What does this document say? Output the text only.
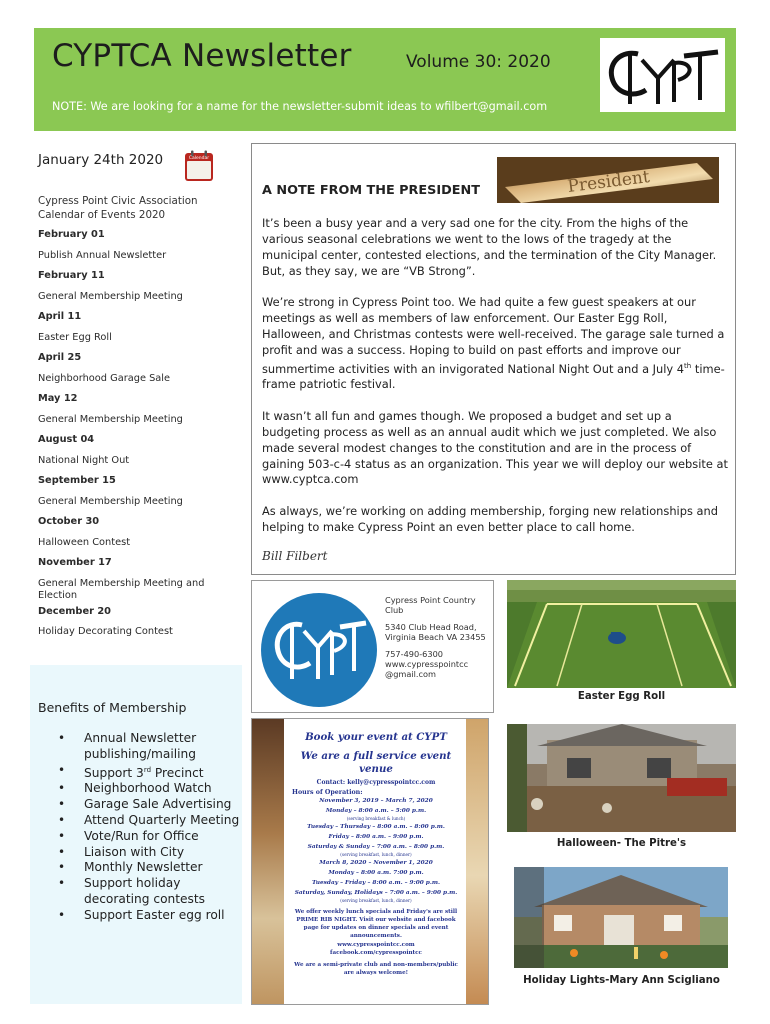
CYPTCA Newsletter	Volume 30: 2020
NOTE: We are looking for a name for the newsletter-submit ideas to wfilbert@gmail.com
January 24th 2020	Calendar
Cypress Point Civic Association Calendar of Events 2020
February 01
Publish Annual Newsletter
February 11
General Membership Meeting
April 11
Easter Egg Roll
April 25
Neighborhood Garage Sale
May 12
General Membership Meeting
August 04
National Night Out
September 15
General Membership Meeting
October 30
Halloween Contest
November 17
General Membership Meeting and Election
December 20
Holiday Decorating Contest
Benefits of Membership
• Annual Newsletter publishing/mailing
• Support 3rd Precinct
• Neighborhood Watch
• Garage Sale Advertising
• Attend Quarterly Meeting
• Vote/Run for Office
• Liaison with City
• Monthly Newsletter
• Support holiday decorating contests
• Support Easter egg roll
President
A NOTE FROM THE PRESIDENT

It’s been a busy year and a very sad one for the city. From the highs of the various seasonal celebrations we went to the lows of the tragedy at the municipal center, contested elections, and the termination of the City Manager. But, as they say, we are “VB Strong”.

We’re strong in Cypress Point too. We had quite a few guest speakers at our meetings as well as members of law enforcement. Our Easter Egg Roll, Halloween, and Christmas contests were well-received. The garage sale turned a profit and was a success. Hoping to build on past efforts and improve our summertime activities with an invigorated National Night Out and a July 4th time-frame patriotic festival.

It wasn’t all fun and games though. We proposed a budget and set up a budgeting process as well as an annual audit which we just completed. We also made several modest changes to the constitution and are in the process of gaining 503-c-4 status as an organization. This year we will deploy our website at www.cyptca.com

As always, we’re working on adding membership, forging new relationships and helping to make Cypress Point an even better place to call home.

Bill Filbert
Cypress Point Country Club
5340 Club Head Road, Virginia Beach VA 23455
757-490-6300
www.cypresspointcc
@gmail.com
Book your event at CYPT
We are a full service event venue
Contact: kelly@cypresspointcc.com
Hours of Operation:
November 3, 2019 – March 7, 2020
Monday – 8:00 a.m. – 5:00 p.m.
(serving breakfast & lunch)
Tuesday – Thursday – 8:00 a.m. – 8:00 p.m.
Friday – 8:00 a.m. – 9:00 p.m.
Saturday & Sunday – 7:00 a.m. – 8:00 p.m.
(serving breakfast, lunch, dinner)
March 8, 2020 – November 1, 2020
Monday – 8:00 a.m. 7:00 p.m.
Tuesday – Friday – 8:00 a.m. – 9:00 p.m.
Saturday, Sunday, Holidays – 7:00 a.m. – 9:00 p.m.
(serving breakfast, lunch, dinner)
We offer weekly lunch specials and Friday's are still PRIME RIB NIGHT. Visit our website and facebook page for updates on dinner specials and event announcements.
www.cypresspointcc.com
facebook.com/cypresspointcc
We are a semi-private club and non-members/public are always welcome!
Easter Egg Roll
Halloween- The Pitre's
Holiday Lights-Mary Ann Scigliano
